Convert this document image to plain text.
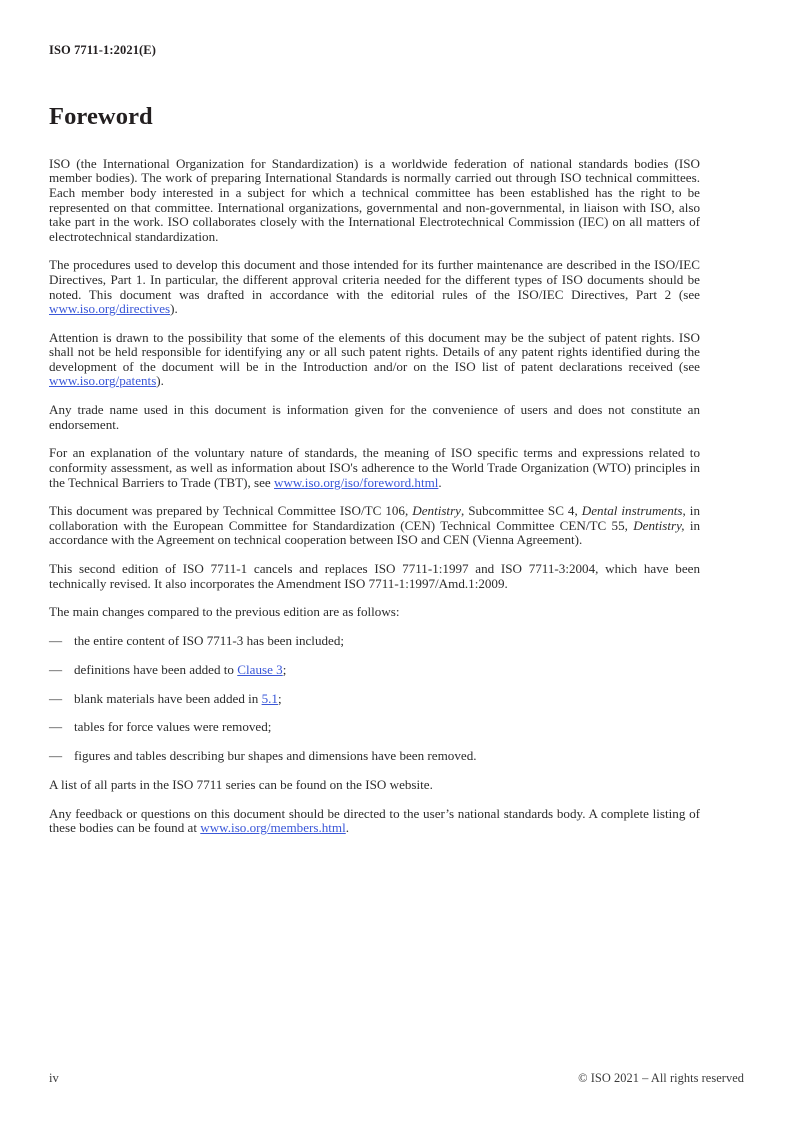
ISO 7711-1:2021(E)
Foreword

ISO (the International Organization for Standardization) is a worldwide federation of national standards bodies (ISO member bodies). The work of preparing International Standards is normally carried out through ISO technical committees. Each member body interested in a subject for which a technical committee has been established has the right to be represented on that committee. International organizations, governmental and non-governmental, in liaison with ISO, also take part in the work. ISO collaborates closely with the International Electrotechnical Commission (IEC) on all matters of electrotechnical standardization.

The procedures used to develop this document and those intended for its further maintenance are described in the ISO/IEC Directives, Part 1. In particular, the different approval criteria needed for the different types of ISO documents should be noted. This document was drafted in accordance with the editorial rules of the ISO/IEC Directives, Part 2 (see www.iso.org/directives).

Attention is drawn to the possibility that some of the elements of this document may be the subject of patent rights. ISO shall not be held responsible for identifying any or all such patent rights. Details of any patent rights identified during the development of the document will be in the Introduction and/or on the ISO list of patent declarations received (see www.iso.org/patents).

Any trade name used in this document is information given for the convenience of users and does not constitute an endorsement.

For an explanation of the voluntary nature of standards, the meaning of ISO specific terms and expressions related to conformity assessment, as well as information about ISO's adherence to the World Trade Organization (WTO) principles in the Technical Barriers to Trade (TBT), see www.iso.org/iso/foreword.html.

This document was prepared by Technical Committee ISO/TC 106, Dentistry, Subcommittee SC 4, Dental instruments, in collaboration with the European Committee for Standardization (CEN) Technical Committee CEN/TC 55, Dentistry, in accordance with the Agreement on technical cooperation between ISO and CEN (Vienna Agreement).

This second edition of ISO 7711-1 cancels and replaces ISO 7711-1:1997 and ISO 7711-3:2004, which have been technically revised. It also incorporates the Amendment ISO 7711-1:1997/Amd.1:2009.

The main changes compared to the previous edition are as follows:

— the entire content of ISO 7711-3 has been included;
— definitions have been added to Clause 3;
— blank materials have been added in 5.1;
— tables for force values were removed;
— figures and tables describing bur shapes and dimensions have been removed.

A list of all parts in the ISO 7711 series can be found on the ISO website.

Any feedback or questions on this document should be directed to the user’s national standards body. A complete listing of these bodies can be found at www.iso.org/members.html.

iv	© ISO 2021 – All rights reserved
